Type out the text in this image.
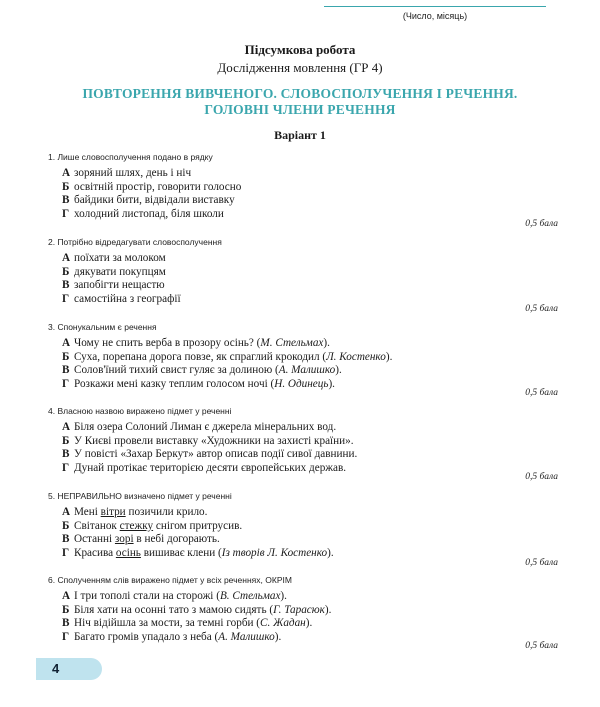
(Число, місяць)
Підсумкова робота
Дослідження мовлення (ГР 4)
ПОВТОРЕННЯ ВИВЧЕНОГО. СЛОВОСПОЛУЧЕННЯ І РЕЧЕННЯ.
ГОЛОВНІ ЧЛЕНИ РЕЧЕННЯ
Варіант 1
1. Лише словосполучення подано в рядку
А зоряний шлях, день і ніч
Б освітній простір, говорити голосно
В байдики бити, відвідали виставку
Г холодний листопад, біля школи
0,5 бала
2. Потрібно відредагувати словосполучення
А поїхати за молоком
Б дякувати покупцям
В запобігти нещастю
Г самостійна з географії
0,5 бала
3. Спонукальним є речення
А Чому не спить верба в прозору осінь? (М. Стельмах).
Б Суха, порепана дорога повзе, як спраглий крокодил (Л. Костенко).
В Солов'їний тихий свист гуляє за долиною (А. Малишко).
Г Розкажи мені казку теплим голосом ночі (Н. Одинець).
0,5 бала
4. Власною назвою виражено підмет у реченні
А Біля озера Солоний Лиман є джерела мінеральних вод.
Б У Києві провели виставку «Художники на захисті країни».
В У повісті «Захар Беркут» автор описав події сивої давнини.
Г Дунай протікає територією десяти європейських держав.
0,5 бала
5. НЕПРАВИЛЬНО визначено підмет у реченні
А Мені вітри позичили крило.
Б Світанок стежку снігом притрусив.
В Останні зорі в небі догорають.
Г Красива осінь вишиває клени (Із творів Л. Костенко).
0,5 бала
6. Сполученням слів виражено підмет у всіх реченнях, ОКРІМ
А І три тополі стали на сторожі (В. Стельмах).
Б Біля хати на осонні тато з мамою сидять (Г. Тарасюк).
В Ніч відійшла за мости, за темні горби (С. Жадан).
Г Багато громів упадало з неба (А. Малишко).
0,5 бала
4
